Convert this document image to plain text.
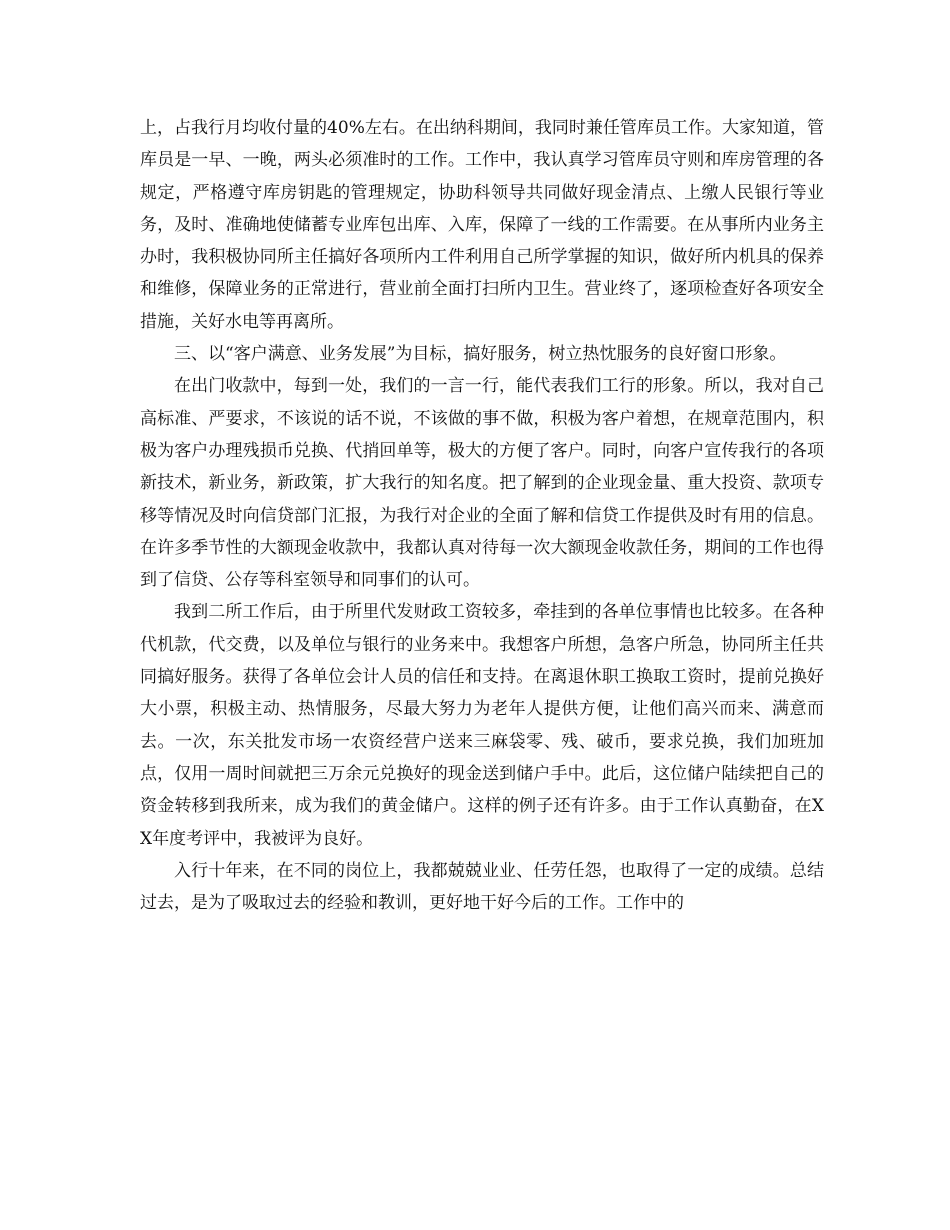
上，占我行月均收付量的40%左右。在出纳科期间，我同时兼任管库员工作。大家知道，管库员是一早、一晚，两头必须准时的工作。工作中，我认真学习管库员守则和库房管理的各规定，严格遵守库房钥匙的管理规定，协助科领导共同做好现金清点、上缴人民银行等业务，及时、准确地使储蓄专业库包出库、入库，保障了一线的工作需要。在从事所内业务主办时，我积极协同所主任搞好各项所内工件利用自己所学掌握的知识，做好所内机具的保养和维修，保障业务的正常进行，营业前全面打扫所内卫生。营业终了，逐项检查好各项安全措施，关好水电等再离所。

三、以“客户满意、业务发展”为目标，搞好服务，树立热忱服务的良好窗口形象。

在出门收款中，每到一处，我们的一言一行，能代表我们工行的形象。所以，我对自己高标准、严要求，不该说的话不说，不该做的事不做，积极为客户着想，在规章范围内，积极为客户办理残损币兑换、代捎回单等，极大的方便了客户。同时，向客户宣传我行的各项新技术，新业务，新政策，扩大我行的知名度。把了解到的企业现金量、重大投资、款项专移等情况及时向信贷部门汇报，为我行对企业的全面了解和信贷工作提供及时有用的信息。在许多季节性的大额现金收款中，我都认真对待每一次大额现金收款任务，期间的工作也得到了信贷、公存等科室领导和同事们的认可。

我到二所工作后，由于所里代发财政工资较多，牵挂到的各单位事情也比较多。在各种代机款，代交费，以及单位与银行的业务来中。我想客户所想，急客户所急，协同所主任共同搞好服务。获得了各单位会计人员的信任和支持。在离退休职工换取工资时，提前兑换好大小票，积极主动、热情服务，尽最大努力为老年人提供方便，让他们高兴而来、满意而去。一次，东关批发市场一农资经营户送来三麻袋零、残、破币，要求兑换，我们加班加点，仅用一周时间就把三万余元兑换好的现金送到储户手中。此后，这位储户陆续把自己的资金转移到我所来，成为我们的黄金储户。这样的例子还有许多。由于工作认真勤奋，在XX年度考评中，我被评为良好。

入行十年来，在不同的岗位上，我都兢兢业业、任劳任怨，也取得了一定的成绩。总结过去，是为了吸取过去的经验和教训，更好地干好今后的工作。工作中的
